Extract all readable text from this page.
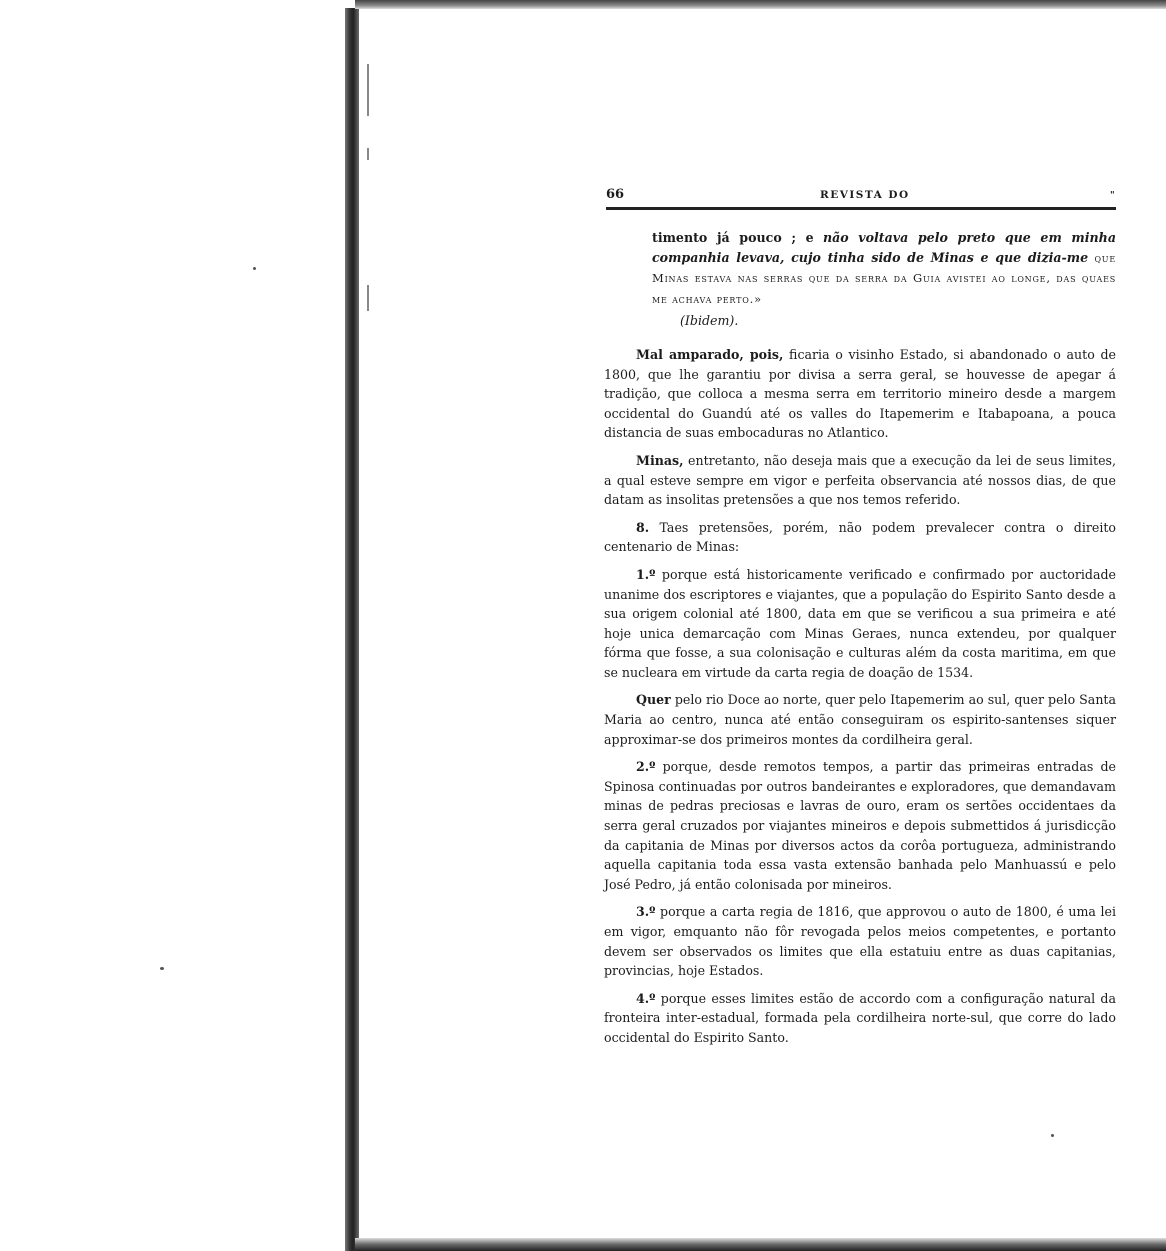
66	REVISTA DO	"

timento já pouco ; e não voltava pelo preto que em minha companhia levava, cujo tinha sido de Minas e que dizia-me que Minas estava nas serras que da serra da Guia avistei ao longe, das quaes me achava perto.»

(Ibidem).

Mal amparado, pois, ficaria o visinho Estado, si abandonado o auto de 1800, que lhe garantiu por divisa a serra geral, se houvesse de apegar á tradição, que colloca a mesma serra em territorio mineiro desde a margem occidental do Guandú até os valles do Itapemerim e Itabapoana, a pouca distancia de suas embocaduras no Atlantico.

Minas, entretanto, não deseja mais que a execução da lei de seus limites, a qual esteve sempre em vigor e perfeita observancia até nossos dias, de que datam as insolitas pretensões a que nos temos referido.

8. Taes pretensões, porém, não podem prevalecer contra o direito centenario de Minas:

1.º porque está historicamente verificado e confirmado por auctoridade unanime dos escriptores e viajantes, que a população do Espirito Santo desde a sua origem colonial até 1800, data em que se verificou a sua primeira e até hoje unica demarcação com Minas Geraes, nunca extendeu, por qualquer fórma que fosse, a sua colonisação e culturas além da costa maritima, em que se nucleara em virtude da carta regia de doação de 1534.

Quer pelo rio Doce ao norte, quer pelo Itapemerim ao sul, quer pelo Santa Maria ao centro, nunca até então conseguiram os espirito-santenses siquer approximar-se dos primeiros montes da cordilheira geral.

2.º porque, desde remotos tempos, a partir das primeiras entradas de Spinosa continuadas por outros bandeirantes e exploradores, que demandavam minas de pedras preciosas e lavras de ouro, eram os sertões occidentaes da serra geral cruzados por viajantes mineiros e depois submettidos á jurisdicção da capitania de Minas por diversos actos da corôa portugueza, administrando aquella capitania toda essa vasta extensão banhada pelo Manhuassú e pelo José Pedro, já então colonisada por mineiros.

3.º porque a carta regia de 1816, que approvou o auto de 1800, é uma lei em vigor, emquanto não fôr revogada pelos meios competentes, e portanto devem ser observados os limites que ella estatuiu entre as duas capitanias, provincias, hoje Estados.

4.º porque esses limites estão de accordo com a configuração natural da fronteira inter-estadual, formada pela cordilheira norte-sul, que corre do lado occidental do Espirito Santo.
